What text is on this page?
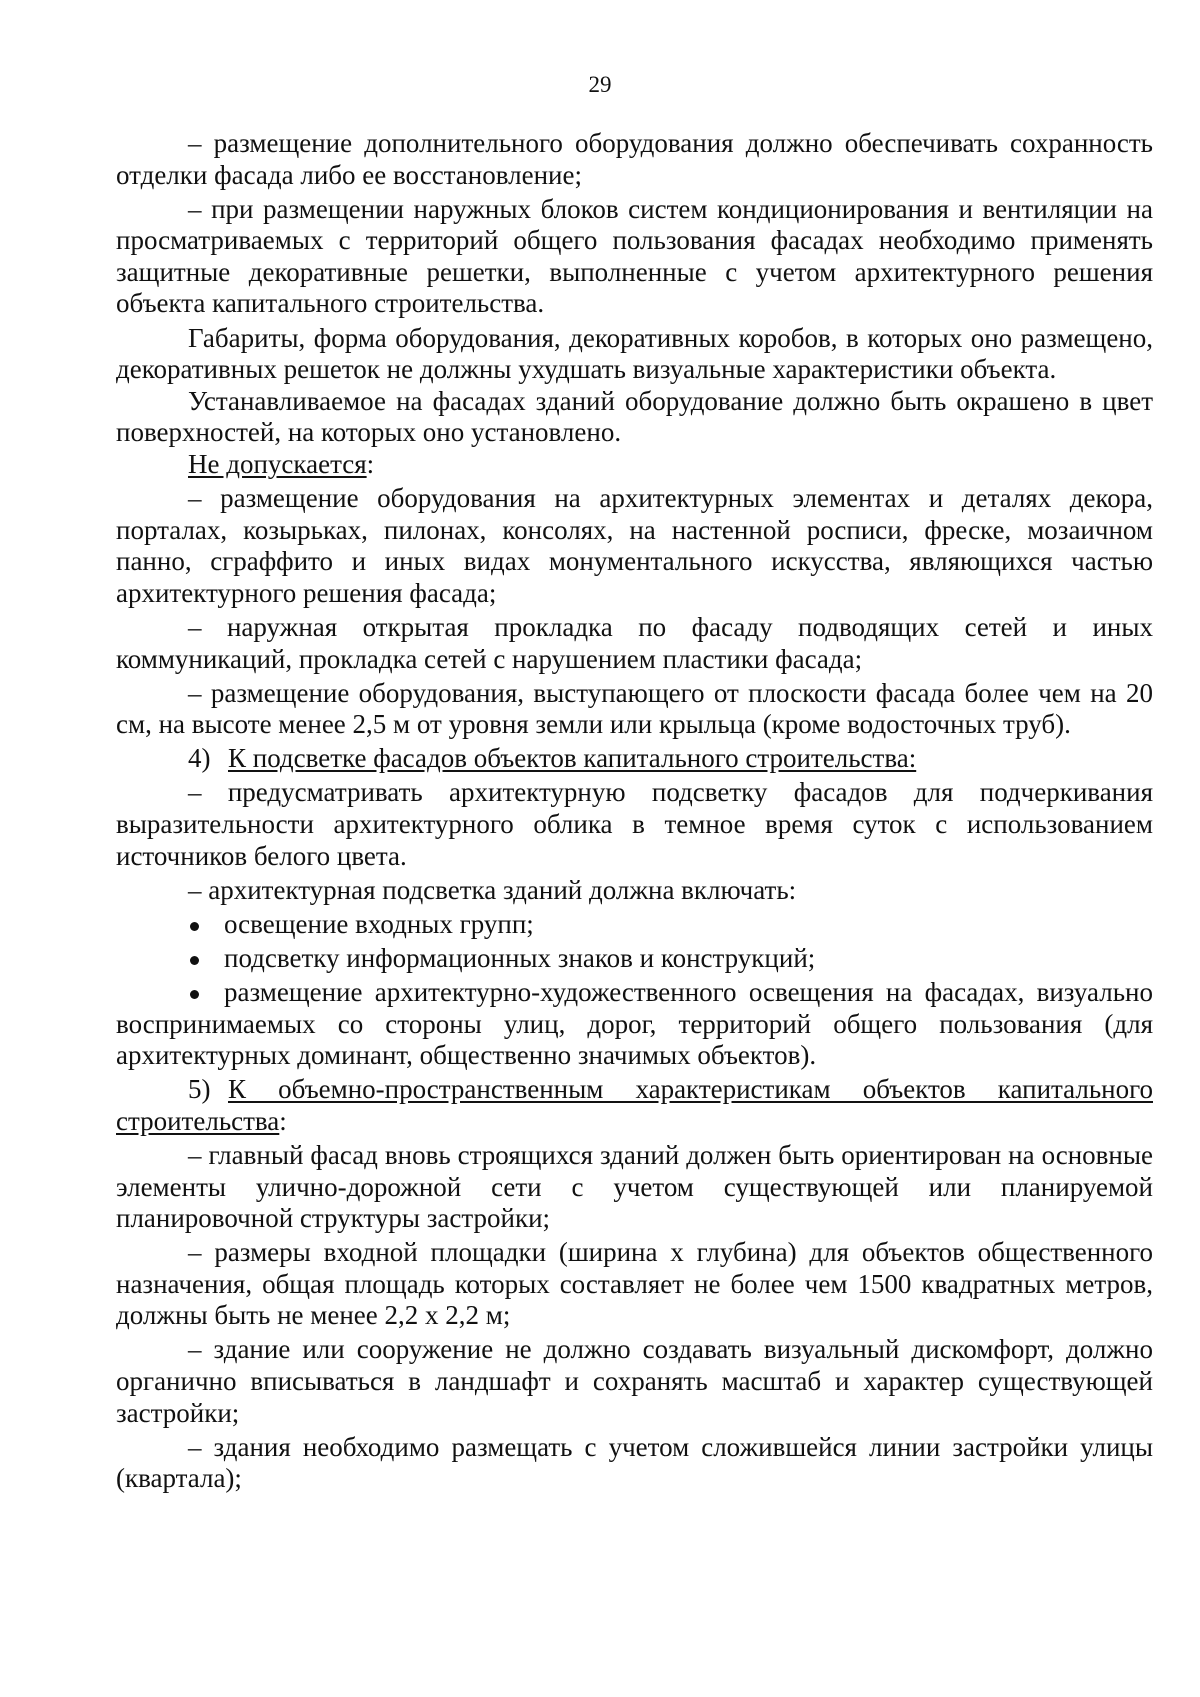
29

– размещение дополнительного оборудования должно обеспечивать сохранность отделки фасада либо ее восстановление;

– при размещении наружных блоков систем кондиционирования и вентиляции на просматриваемых с территорий общего пользования фасадах необходимо применять защитные декоративные решетки, выполненные с учетом архитектурного решения объекта капитального строительства.

Габариты, форма оборудования, декоративных коробов, в которых оно размещено, декоративных решеток не должны ухудшать визуальные характеристики объекта.

Устанавливаемое на фасадах зданий оборудование должно быть окрашено в цвет поверхностей, на которых оно установлено.

Не допускается:

– размещение оборудования на архитектурных элементах и деталях декора, порталах, козырьках, пилонах, консолях, на настенной росписи, фреске, мозаичном панно, сграффито и иных видах монументального искусства, являющихся частью архитектурного решения фасада;

– наружная открытая прокладка по фасаду подводящих сетей и иных коммуникаций, прокладка сетей с нарушением пластики фасада;

– размещение оборудования, выступающего от плоскости фасада более чем на 20 см, на высоте менее 2,5 м от уровня земли или крыльца (кроме водосточных труб).

4) К подсветке фасадов объектов капитального строительства:

– предусматривать архитектурную подсветку фасадов для подчеркивания выразительности архитектурного облика в темное время суток с использованием источников белого цвета.

– архитектурная подсветка зданий должна включать:

освещение входных групп;

подсветку информационных знаков и конструкций;

размещение архитектурно-художественного освещения на фасадах, визуально воспринимаемых со стороны улиц, дорог, территорий общего пользования (для архитектурных доминант, общественно значимых объектов).

5) К объемно-пространственным характеристикам объектов капитального строительства:

– главный фасад вновь строящихся зданий должен быть ориентирован на основные элементы улично-дорожной сети с учетом существующей или планируемой планировочной структуры застройки;

– размеры входной площадки (ширина х глубина) для объектов общественного назначения, общая площадь которых составляет не более чем 1500 квадратных метров, должны быть не менее 2,2 х 2,2 м;

– здание или сооружение не должно создавать визуальный дискомфорт, должно органично вписываться в ландшафт и сохранять масштаб и характер существующей застройки;

– здания необходимо размещать с учетом сложившейся линии застройки улицы (квартала);
